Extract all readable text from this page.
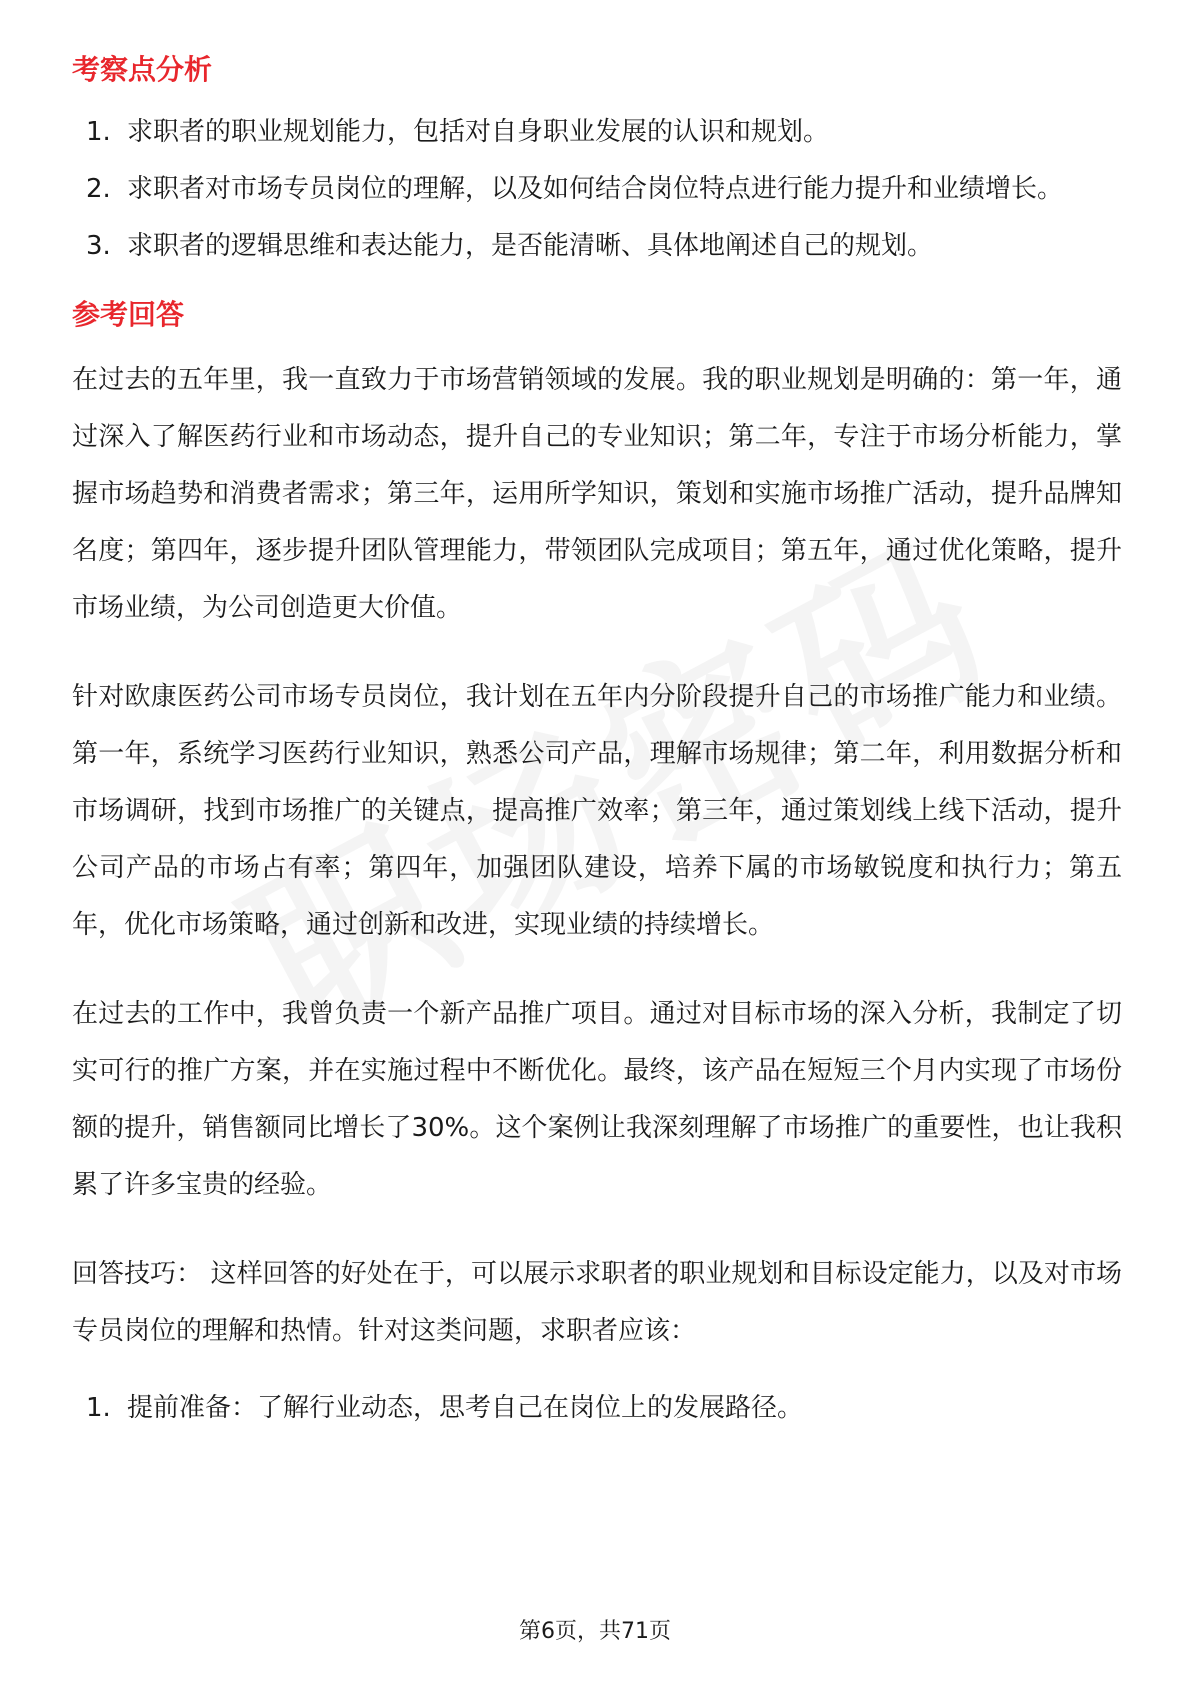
考察点分析
1. 求职者的职业规划能力，包括对自身职业发展的认识和规划。
2. 求职者对市场专员岗位的理解，以及如何结合岗位特点进行能力提升和业绩增长。
3. 求职者的逻辑思维和表达能力，是否能清晰、具体地阐述自己的规划。
参考回答

在过去的五年里，我一直致力于市场营销领域的发展。我的职业规划是明确的：第一年，通过深入了解医药行业和市场动态，提升自己的专业知识；第二年，专注于市场分析能力，掌握市场趋势和消费者需求；第三年，运用所学知识，策划和实施市场推广活动，提升品牌知名度；第四年，逐步提升团队管理能力，带领团队完成项目；第五年，通过优化策略，提升市场业绩，为公司创造更大价值。

针对欧康医药公司市场专员岗位，我计划在五年内分阶段提升自己的市场推广能力和业绩。第一年，系统学习医药行业知识，熟悉公司产品，理解市场规律；第二年，利用数据分析和市场调研，找到市场推广的关键点，提高推广效率；第三年，通过策划线上线下活动，提升公司产品的市场占有率；第四年，加强团队建设，培养下属的市场敏锐度和执行力；第五年，优化市场策略，通过创新和改进，实现业绩的持续增长。

在过去的工作中，我曾负责一个新产品推广项目。通过对目标市场的深入分析，我制定了切实可行的推广方案，并在实施过程中不断优化。最终，该产品在短短三个月内实现了市场份额的提升，销售额同比增长了30%。这个案例让我深刻理解了市场推广的重要性，也让我积累了许多宝贵的经验。

回答技巧： 这样回答的好处在于，可以展示求职者的职业规划和目标设定能力，以及对市场专员岗位的理解和热情。针对这类问题，求职者应该：

1. 提前准备：了解行业动态，思考自己在岗位上的发展路径。
第6页，共71页
